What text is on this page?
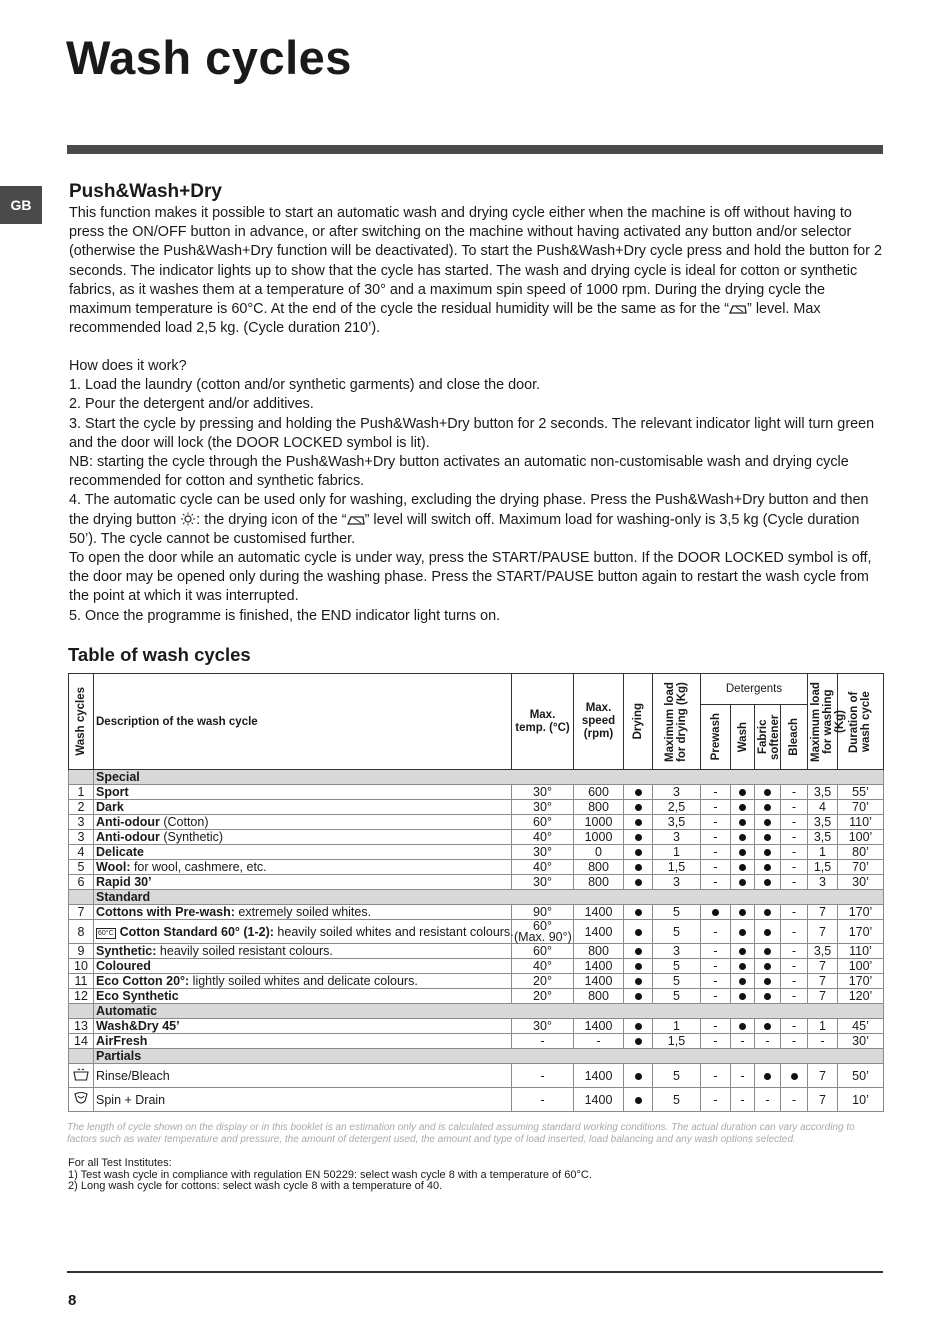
Wash cycles
GB
Push&Wash+Dry

This function makes it possible to start an automatic wash and drying cycle either when the machine is off without having to press the ON/OFF button in advance, or after switching on the machine without having activated any button and/or selector (otherwise the Push&Wash+Dry function will be deactivated). To start the Push&Wash+Dry cycle press and hold the button for 2 seconds. The indicator lights up to show that the cycle has started. The wash and drying cycle is ideal for cotton or synthetic fabrics, as it washes them at a temperature of 30° and a maximum spin speed of 1000 rpm. During the drying cycle the maximum temperature is 60°C. At the end of the cycle the residual humidity will be the same as for the “ ” level. Max recommended load 2,5 kg. (Cycle duration 210’).

How does it work?

1. Load the laundry (cotton and/or synthetic garments) and close the door.

2. Pour the detergent and/or additives.

3. Start the cycle by pressing and holding the Push&Wash+Dry button for 2 seconds. The relevant indicator light will turn green and the door will lock (the DOOR LOCKED symbol is lit).

NB: starting the cycle through the Push&Wash+Dry button activates an automatic non-customisable wash and drying cycle recommended for cotton and synthetic fabrics.

4. The automatic cycle can be used only for washing, excluding the drying phase. Press the Push&Wash+Dry button and then the drying button : the drying icon of the “ ” level will switch off. Maximum load for washing-only is 3,5 kg (Cycle duration 50’). The cycle cannot be customised further.

To open the door while an automatic cycle is under way, press the START/PAUSE button. If the DOOR LOCKED symbol is off, the door may be opened only during the washing phase. Press the START/PAUSE button again to restart the wash cycle from the point at which it was interrupted.

5. Once the programme is finished, the END indicator light turns on.

Table of wash cycles
Wash cycles	Description of the wash cycle	Max. temp. (°C)	Max. speed (rpm)	Drying	Maximum load for drying (Kg)	Detergents				Maximum load for washing (Kg)	Duration of wash cycle

						Prewash	Wash	Fabric softener	Bleach		

	Special										
1	Sport	30°	600		3	-			-	3,5	55’
2	Dark	30°	800		2,5	-			-	4	70’
3	Anti-odour (Cotton)	60°	1000		3,5	-			-	3,5	110’
3	Anti-odour (Synthetic)	40°	1000		3	-			-	3,5	100’
4	Delicate	30°	0		1	-			-	1	80’
5	Wool: for wool, cashmere, etc.	40°	800		1,5	-			-	1,5	70’
6	Rapid 30’	30°	800		3	-			-	3	30’
	Standard										
7	Cottons with Pre-wash: extremely soiled whites.	90°	1400		5				-	7	170’
8	60°C Cotton Standard 60° (1-2): heavily soiled whites and resistant colours.	60°
(Max. 90°)	1400		5	-			-	7	170’
9	Synthetic: heavily soiled resistant colours.	60°	800		3	-			-	3,5	110’
10	Coloured	40°	1400		5	-			-	7	100’
11	Eco Cotton 20°: lightly soiled whites and delicate colours.	20°	1400		5	-			-	7	170’
12	Eco Synthetic	20°	800		5	-			-	7	120’
	Automatic										
13	Wash&Dry 45’	30°	1400		1	-			-	1	45’
14	AirFresh	-	-		1,5	-	-	-	-	-	30’
	Partials										
	Rinse/Bleach	-	1400		5	-	-			7	50’
	Spin + Drain	-	1400		5	-	-	-	-	7	10’

The length of cycle shown on the display or in this booklet is an estimation only and is calculated assuming standard working conditions. The actual duration can vary according to factors such as water temperature and pressure, the amount of detergent used, the amount and type of load inserted, load balancing and any wash options selected.

For all Test Institutes:

1) Test wash cycle in compliance with regulation EN 50229: select wash cycle 8 with a temperature of 60°C.

2) Long wash cycle for cottons: select wash cycle 8 with a temperature of 40.

8
